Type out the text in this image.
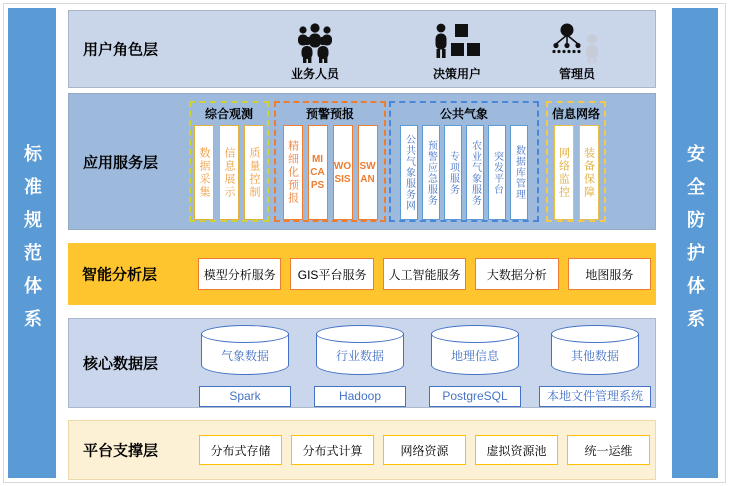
标准规范体系	安全防护体系
用户角色层
业务人员	决策用户	管理员
应用服务层
综合观测
数据采集	信息展示	质量控制
预警预报
精细化预报	MICAPS
WOSIS
SWAN
公共气象
公共气象服务网	预警应急服务	专项服务	农业气象服务	突发平台	数据库管理
信息网络
网络监控	装备保障
智能分析层	模型分析服务	GIS平台服务	人工智能服务	大数据分析	地图服务
核心数据层	气象数据
Spark
行业数据
Hadoop
地理信息
PostgreSQL
其他数据
本地文件管理系统
平台支撑层	分布式存储	分布式计算	网络资源	虚拟资源池	统一运维
